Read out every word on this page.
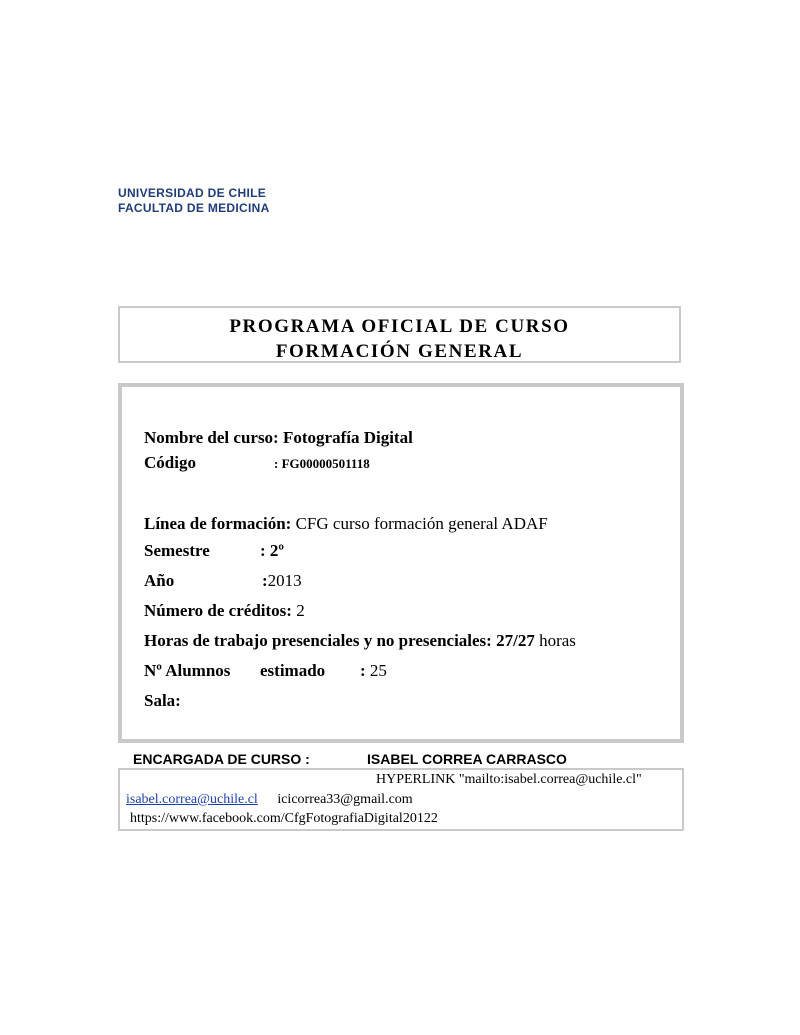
UNIVERSIDAD DE CHILE
FACULTAD DE MEDICINA
PROGRAMA OFICIAL DE CURSO
FORMACIÓN GENERAL
Nombre del curso: Fotografía Digital
Código	: FG00000501118
Línea de formación: CFG curso formación general ADAF
Semestre	: 2º
Año	:2013
Número de créditos: 2
Horas de trabajo presenciales y no presenciales: 27/27 horas
Nº Alumnos estimado : 25
Sala:
ENCARGADA DE CURSO :	ISABEL CORREA CARRASCO
HYPERLINK "mailto:isabel.correa@uchile.cl"
isabel.correa@uchile.cl icicorrea33@gmail.com
https://www.facebook.com/CfgFotografiaDigital20122
